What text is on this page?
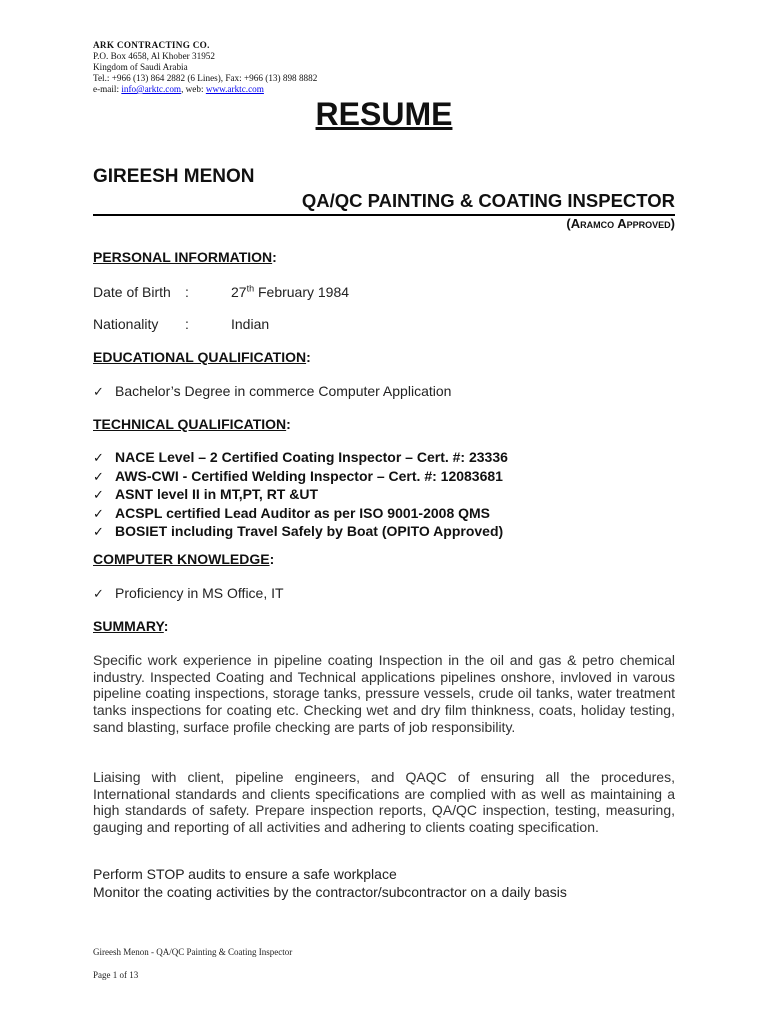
ARK CONTRACTING CO.
P.O. Box 4658, Al Khober 31952
Kingdom of Saudi Arabia
Tel.: +966 (13) 864 2882 (6 Lines), Fax: +966 (13) 898 8882
e-mail: info@arktc.com, web: www.arktc.com
RESUME
GIREESH MENON
QA/QC PAINTING & COATING INSPECTOR
(Aramco Approved)
PERSONAL INFORMATION:
Date of Birth :	27th February 1984
Nationality :	Indian
EDUCATIONAL QUALIFICATION:
✓ Bachelor’s Degree in commerce Computer Application
TECHNICAL QUALIFICATION:
✓ NACE Level – 2 Certified Coating Inspector – Cert. #: 23336
✓ AWS-CWI - Certified Welding Inspector – Cert. #: 12083681
✓ ASNT level II in MT,PT, RT &UT
✓ ACSPL certified Lead Auditor as per ISO 9001-2008 QMS
✓ BOSIET including Travel Safely by Boat (OPITO Approved)
COMPUTER KNOWLEDGE:
✓ Proficiency in MS Office, IT
SUMMARY:

Specific work experience in pipeline coating Inspection in the oil and gas & petro chemical industry. Inspected Coating and Technical applications pipelines onshore, invloved in varous pipeline coating inspections, storage tanks, pressure vessels, crude oil tanks, water treatment tanks inspections for coating etc. Checking wet and dry film thinkness, coats, holiday testing, sand blasting, surface profile checking are parts of job responsibility.

Liaising with client, pipeline engineers, and QAQC of ensuring all the procedures, International standards and clients specifications are complied with as well as maintaining a high standards of safety. Prepare inspection reports, QA/QC inspection, testing, measuring, gauging and reporting of all activities and adhering to clients coating specification.

Perform STOP audits to ensure a safe workplace
Monitor the coating activities by the contractor/subcontractor on a daily basis
Gireesh Menon - QA/QC Painting & Coating Inspector
Page 1 of 13
